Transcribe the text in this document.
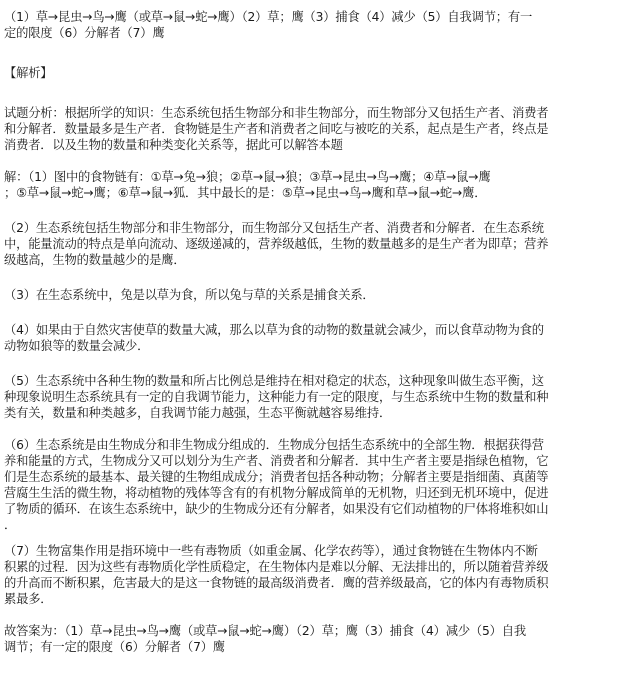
（1）草→昆虫→鸟→鹰（或草→鼠→蛇→鹰）（2）草；鹰（3）捕食（4）减少（5）自我调节；有一
定的限度（6）分解者（7）鹰
【解析】
试题分析：根据所学的知识：生态系统包括生物部分和非生物部分，而生物部分又包括生产者、消费者
和分解者．数量最多是生产者．食物链是生产者和消费者之间吃与被吃的关系，起点是生产者，终点是
消费者．以及生物的数量和种类变化关系等，据此可以解答本题
解：（1）图中的食物链有：①草→兔→狼；②草→鼠→狼；③草→昆虫→鸟→鹰；④草→鼠→鹰
；⑤草→鼠→蛇→鹰；⑥草→鼠→狐．其中最长的是：⑤草→昆虫→鸟→鹰和草→鼠→蛇→鹰．
（2）生态系统包括生物部分和非生物部分，而生物部分又包括生产者、消费者和分解者．在生态系统
中，能量流动的特点是单向流动、逐级递减的，营养级越低，生物的数量越多的是生产者为即草；营养
级越高，生物的数量越少的是鹰．
（3）在生态系统中，兔是以草为食，所以兔与草的关系是捕食关系．
（4）如果由于自然灾害使草的数量大减，那么以草为食的动物的数量就会减少，而以食草动物为食的
动物如狼等的数量会减少．
（5）生态系统中各种生物的数量和所占比例总是维持在相对稳定的状态，这种现象叫做生态平衡，这
种现象说明生态系统具有一定的自我调节能力，这种能力有一定的限度，与生态系统中生物的数量和种
类有关，数量和种类越多，自我调节能力越强，生态平衡就越容易维持．
（6）生态系统是由生物成分和非生物成分组成的．生物成分包括生态系统中的全部生物．根据获得营
养和能量的方式，生物成分又可以划分为生产者、消费者和分解者．其中生产者主要是指绿色植物，它
们是生态系统的最基本、最关键的生物组成成分；消费者包括各种动物；分解者主要是指细菌、真菌等
营腐生生活的微生物，将动植物的残体等含有的有机物分解成简单的无机物，归还到无机环境中，促进
了物质的循环．在该生态系统中，缺少的生物成分还有分解者，如果没有它们动植物的尸体将堆积如山
．
（7）生物富集作用是指环境中一些有毒物质（如重金属、化学农药等），通过食物链在生物体内不断
积累的过程．因为这些有毒物质化学性质稳定，在生物体内是难以分解、无法排出的，所以随着营养级
的升高而不断积累，危害最大的是这一食物链的最高级消费者．鹰的营养级最高，它的体内有毒物质积
累最多．
故答案为：（1）草→昆虫→鸟→鹰（或草→鼠→蛇→鹰）（2）草；鹰（3）捕食（4）减少（5）自我
调节；有一定的限度（6）分解者（7）鹰
